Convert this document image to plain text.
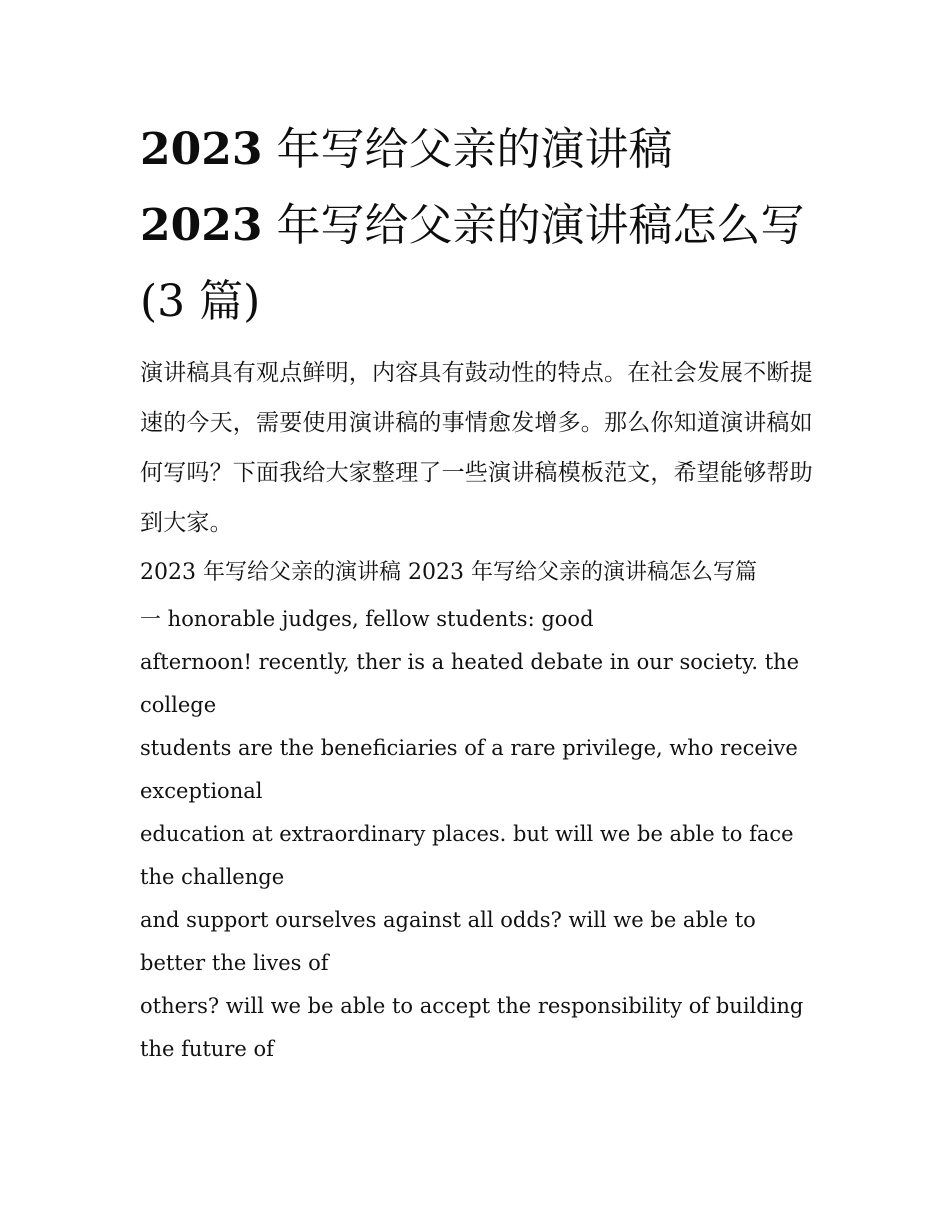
2023 年写给父亲的演讲稿
2023 年写给父亲的演讲稿怎么写(3 篇)

演讲稿具有观点鲜明，内容具有鼓动性的特点。在社会发展不断提速的今天，需要使用演讲稿的事情愈发增多。那么你知道演讲稿如何写吗？下面我给大家整理了一些演讲稿模板范文，希望能够帮助到大家。

2023 年写给父亲的演讲稿 2023 年写给父亲的演讲稿怎么写篇

一 honorable judges, fellow students: good
afternoon! recently, ther is a heated debate in our society. the college
students are the beneficiaries of a rare privilege, who receive exceptional
education at extraordinary places. but will we be able to face the challenge
and support ourselves against all odds? will we be able to better the lives of
others? will we be able to accept the responsibility of building the future of
